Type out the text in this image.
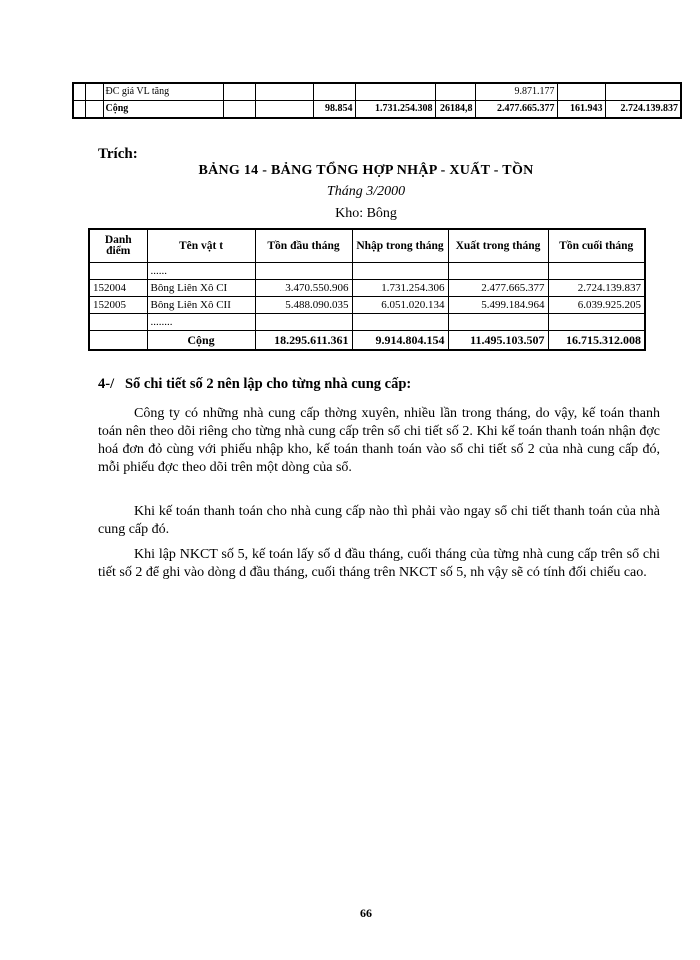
		ĐC giá VL tăng						9.871.177		
		Cộng			98.854	1.731.254.308	26184,8	2.477.665.377	161.943	2.724.139.837
Trích:
BẢNG 14 - BẢNG TỔNG HỢP NHẬP - XUẤT - TỒN
Tháng 3/2000
Kho: Bông
Danh điểm	Tên vật t	Tồn đầu tháng	Nhập trong tháng	Xuất trong tháng	Tồn cuối tháng
	......				
152004	Bông Liên Xô CI	3.470.550.906	1.731.254.306	2.477.665.377	2.724.139.837
152005	Bông Liên Xô CII	5.488.090.035	6.051.020.134	5.499.184.964	6.039.925.205
	........				
	Cộng	18.295.611.361	9.914.804.154	11.495.103.507	16.715.312.008
4-/   Sổ chi tiết số 2 nên lập cho từng nhà cung cấp:

Công ty có những nhà cung cấp thờng xuyên, nhiều lần trong tháng, do vậy, kế toán thanh toán nên theo dõi riêng cho từng nhà cung cấp trên sổ chi tiết số 2. Khi kế toán thanh toán nhận đợc hoá đơn đỏ cùng với phiếu nhập kho, kế toán thanh toán vào sổ chi tiết số 2 của nhà cung cấp đó, mỗi phiếu đợc theo dõi trên một dòng của sổ.

Khi kế toán thanh toán cho nhà cung cấp nào thì phải vào ngay sổ chi tiết thanh toán của nhà cung cấp đó.

Khi lập NKCT số 5, kế toán lấy số d đầu tháng, cuối tháng của từng nhà cung cấp trên sổ chi tiết số 2 để ghi vào dòng d đầu tháng, cuối tháng trên NKCT số 5, nh vậy sẽ có tính đối chiếu cao.

66
